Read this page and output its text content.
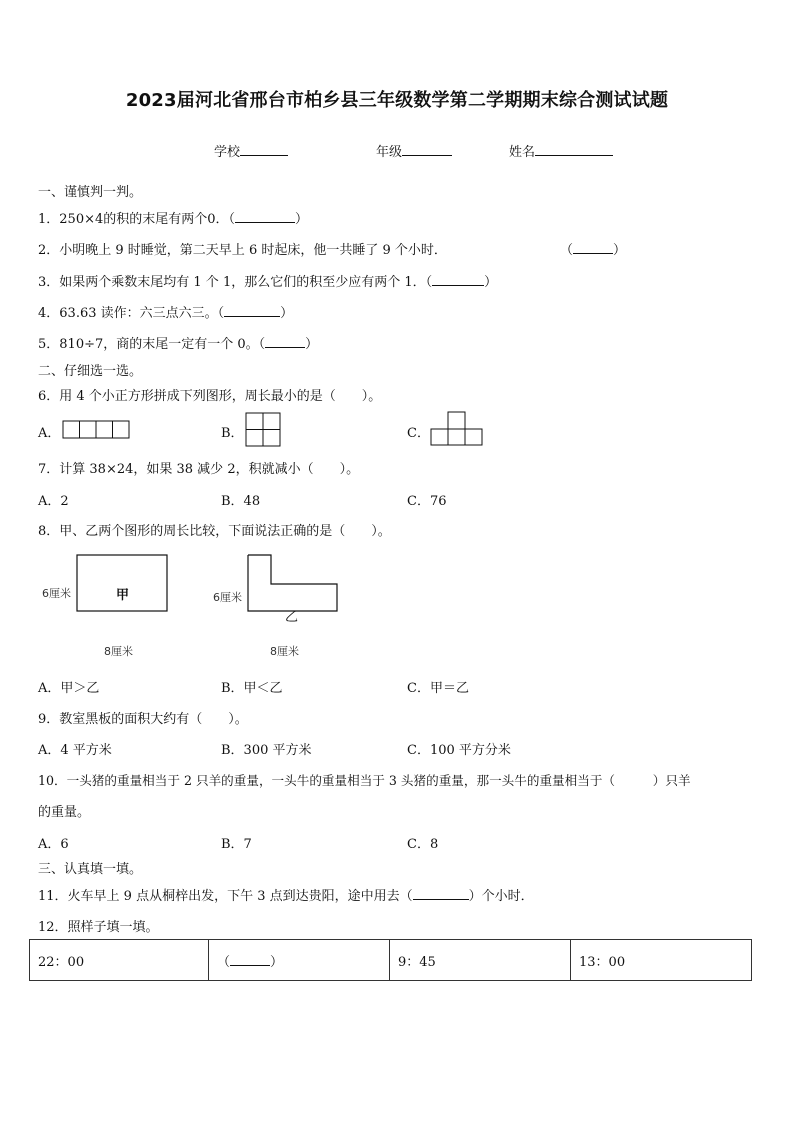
2023届河北省邢台市柏乡县三年级数学第二学期期末综合测试试题
学校	年级	姓名
一、谨慎判一判。
1．250×4的积的末尾有两个0．（	）
2．小明晚上 9 时睡觉，第二天早上 6 时起床，他一共睡了 9 个小时．	（	）
3．如果两个乘数末尾均有 1 个 1，那么它们的积至少应有两个 1．（	）
4．63.63 读作：六三点六三。（	）
5．810÷7，商的末尾一定有一个 0。（	）
二、仔细选一选。
6．用 4 个小正方形拼成下列图形，周长最小的是（　　）。
A．	B．	C．
7．计算 38×24，如果 38 减少 2，积就减小（　　）。
A．2	B．48	C．76
8．甲、乙两个图形的周长比较，下面说法正确的是（　　）。
6厘米	甲
8厘米
6厘米
乙
8厘米
A．甲＞乙	B．甲＜乙	C．甲＝乙
9．教室黑板的面积大约有（　　）。
A．4 平方米	B．300 平方米	C．100 平方分米
10．一头猪的重量相当于 2 只羊的重量，一头牛的重量相当于 3 头猪的重量，那一头牛的重量相当于（　　　）只羊
的重量。
A．6	B．7	C．8
三、认真填一填。
11．火车早上 9 点从桐梓出发，下午 3 点到达贵阳，途中用去（	）个小时．
12．照样子填一填。
22：00	（	）	9：45	13：00
